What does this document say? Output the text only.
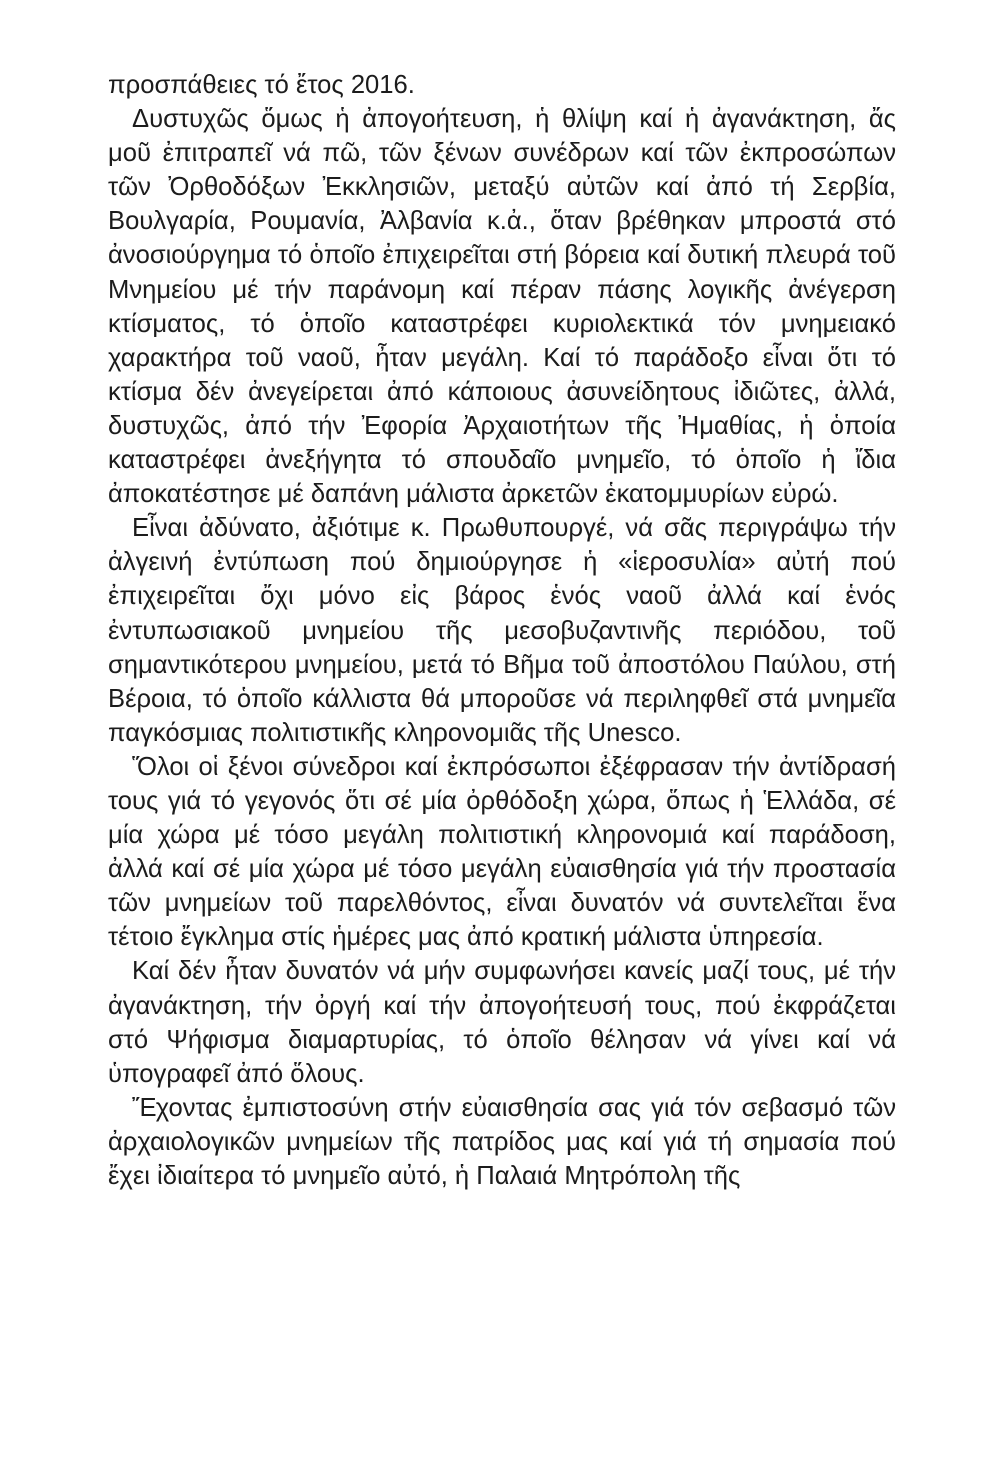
προσπάθειες τό ἔτος 2016.

Δυστυχῶς ὅμως ἡ ἀπογοήτευση, ἡ θλίψη καί ἡ ἀγανάκτηση, ἄς μοῦ ἐπιτραπεῖ νά πῶ, τῶν ξένων συνέδρων καί τῶν ἐκπροσώπων τῶν Ὀρθοδόξων Ἐκκλησιῶν, μεταξύ αὐτῶν καί ἀπό τή Σερβία, Βουλγαρία, Ρουμανία, Ἀλβανία κ.ἀ., ὅταν βρέθηκαν μπροστά στό ἀνοσιούργημα τό ὁποῖο ἐπιχειρεῖται στή βόρεια καί δυτική πλευρά τοῦ Μνημείου μέ τήν παράνομη καί πέραν πάσης λογικῆς ἀνέγερση κτίσματος, τό ὁποῖο καταστρέφει κυριολεκτικά τόν μνημειακό χαρακτήρα τοῦ ναοῦ, ἦταν μεγάλη. Καί τό παράδοξο εἶναι ὅτι τό κτίσμα δέν ἀνεγείρεται ἀπό κάποιους ἀσυνείδητους ἰδιῶτες, ἀλλά, δυστυχῶς, ἀπό τήν Ἐφορία Ἀρχαιοτήτων τῆς Ἠμαθίας, ἡ ὁποία καταστρέφει ἀνεξήγητα τό σπουδαῖο μνημεῖο, τό ὁποῖο ἡ ἴδια ἀποκατέστησε μέ δαπάνη μάλιστα ἀρκετῶν ἑκατομμυρίων εὐρώ.

Εἶναι ἀδύνατο, ἀξιότιμε κ. Πρωθυπουργέ, νά σᾶς περιγράψω τήν ἀλγεινή ἐντύπωση πού δημιούργησε ἡ «ἱεροσυλία» αὐτή πού ἐπιχειρεῖται ὄχι μόνο εἰς βάρος ἑνός ναοῦ ἀλλά καί ἑνός ἐντυπωσιακοῦ μνημείου τῆς μεσοβυζαντινῆς περιόδου, τοῦ σημαντικότερου μνημείου, μετά τό Βῆμα τοῦ ἀποστόλου Παύλου, στή Βέροια, τό ὁποῖο κάλλιστα θά μποροῦσε νά περιληφθεῖ στά μνημεῖα παγκόσμιας πολιτιστικῆς κληρονομιᾶς τῆς Unesco.

Ὅλοι οἱ ξένοι σύνεδροι καί ἐκπρόσωποι ἐξέφρασαν τήν ἀντίδρασή τους γιά τό γεγονός ὅτι σέ μία ὀρθόδοξη χώρα, ὅπως ἡ Ἑλλάδα, σέ μία χώρα μέ τόσο μεγάλη πολιτιστική κληρονομιά καί παράδοση, ἀλλά καί σέ μία χώρα μέ τόσο μεγάλη εὐαισθησία γιά τήν προστασία τῶν μνημείων τοῦ παρελθόντος, εἶναι δυνατόν νά συντελεῖται ἕνα τέτοιο ἔγκλημα στίς ἡμέρες μας ἀπό κρατική μάλιστα ὑπηρεσία.

Καί δέν ἦταν δυνατόν νά μήν συμφωνήσει κανείς μαζί τους, μέ τήν ἀγανάκτηση, τήν ὀργή καί τήν ἀπογοήτευσή τους, πού ἐκφράζεται στό Ψήφισμα διαμαρτυρίας, τό ὁποῖο θέλησαν νά γίνει καί νά ὑπογραφεῖ ἀπό ὅλους.

Ἔχοντας ἐμπιστοσύνη στήν εὐαισθησία σας γιά τόν σεβασμό τῶν ἀρχαιολογικῶν μνημείων τῆς πατρίδος μας καί γιά τή σημασία πού ἔχει ἰδιαίτερα τό μνημεῖο αὐτό, ἡ Παλαιά Μητρόπολη τῆς
